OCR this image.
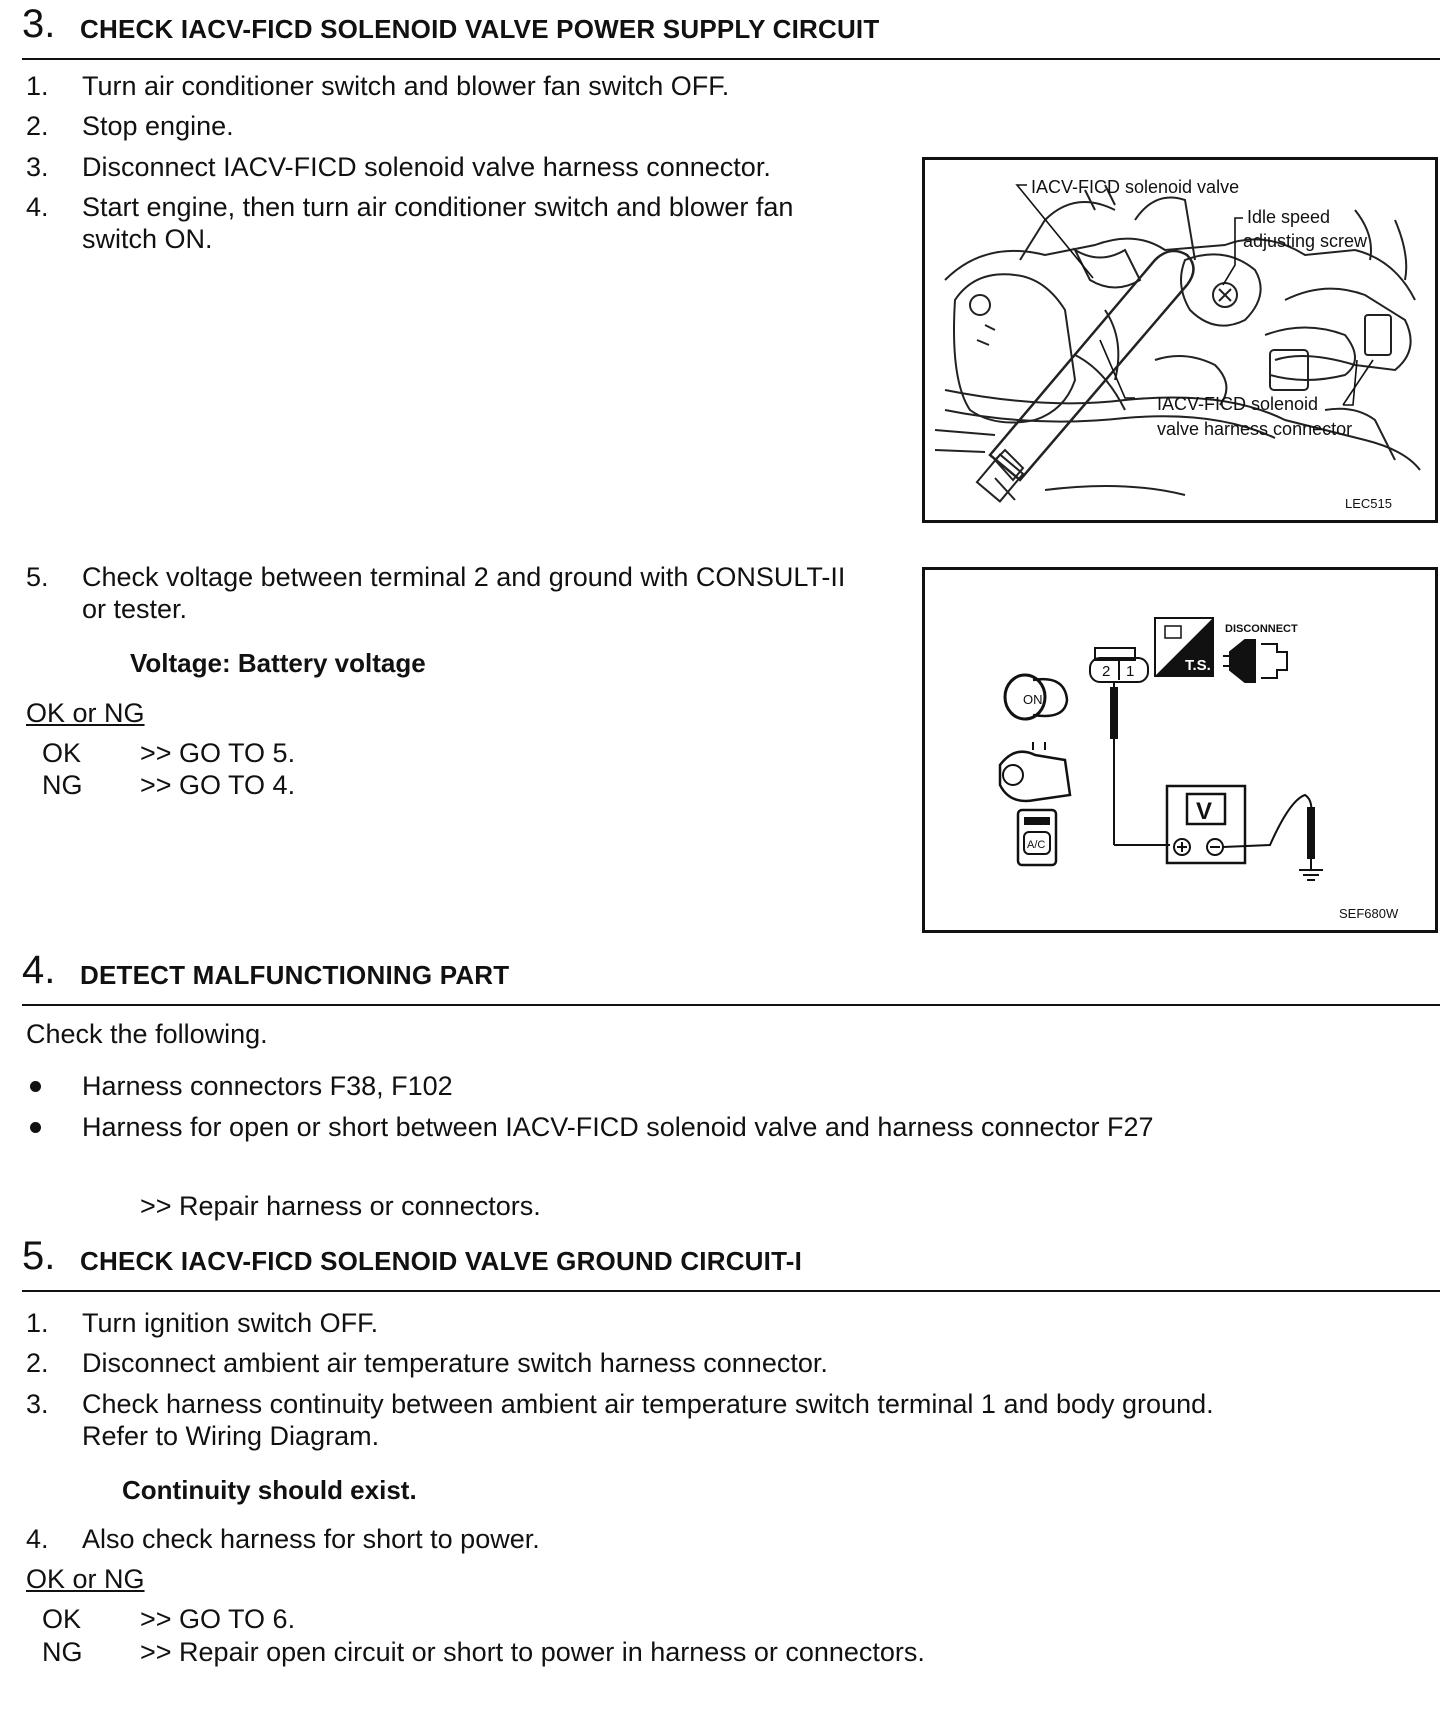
3. CHECK IACV-FICD SOLENOID VALVE POWER SUPPLY CIRCUIT
1. Turn air conditioner switch and blower fan switch OFF.
2. Stop engine.
3. Disconnect IACV-FICD solenoid valve harness connector.
4. Start engine, then turn air conditioner switch and blower fan
switch ON.
IACV-FICD solenoid valve
Idle speed
adjusting screw
IACV-FICD solenoid
valve harness connector
LEC515
5. Check voltage between terminal 2 and ground with CONSULT-II
or tester.
Voltage: Battery voltage
OK or NG
OK >> GO TO 5.
NG >> GO TO 4.
T.S.
DISCONNECT
2 1
ON
A/C
V
SEF680W
4. DETECT MALFUNCTIONING PART
Check the following.
Harness connectors F38, F102
Harness for open or short between IACV-FICD solenoid valve and harness connector F27
>> Repair harness or connectors.
5. CHECK IACV-FICD SOLENOID VALVE GROUND CIRCUIT-I
1. Turn ignition switch OFF.
2. Disconnect ambient air temperature switch harness connector.
3. Check harness continuity between ambient air temperature switch terminal 1 and body ground.
Refer to Wiring Diagram.
Continuity should exist.
4. Also check harness for short to power.
OK or NG
OK >> GO TO 6.
NG >> Repair open circuit or short to power in harness or connectors.
